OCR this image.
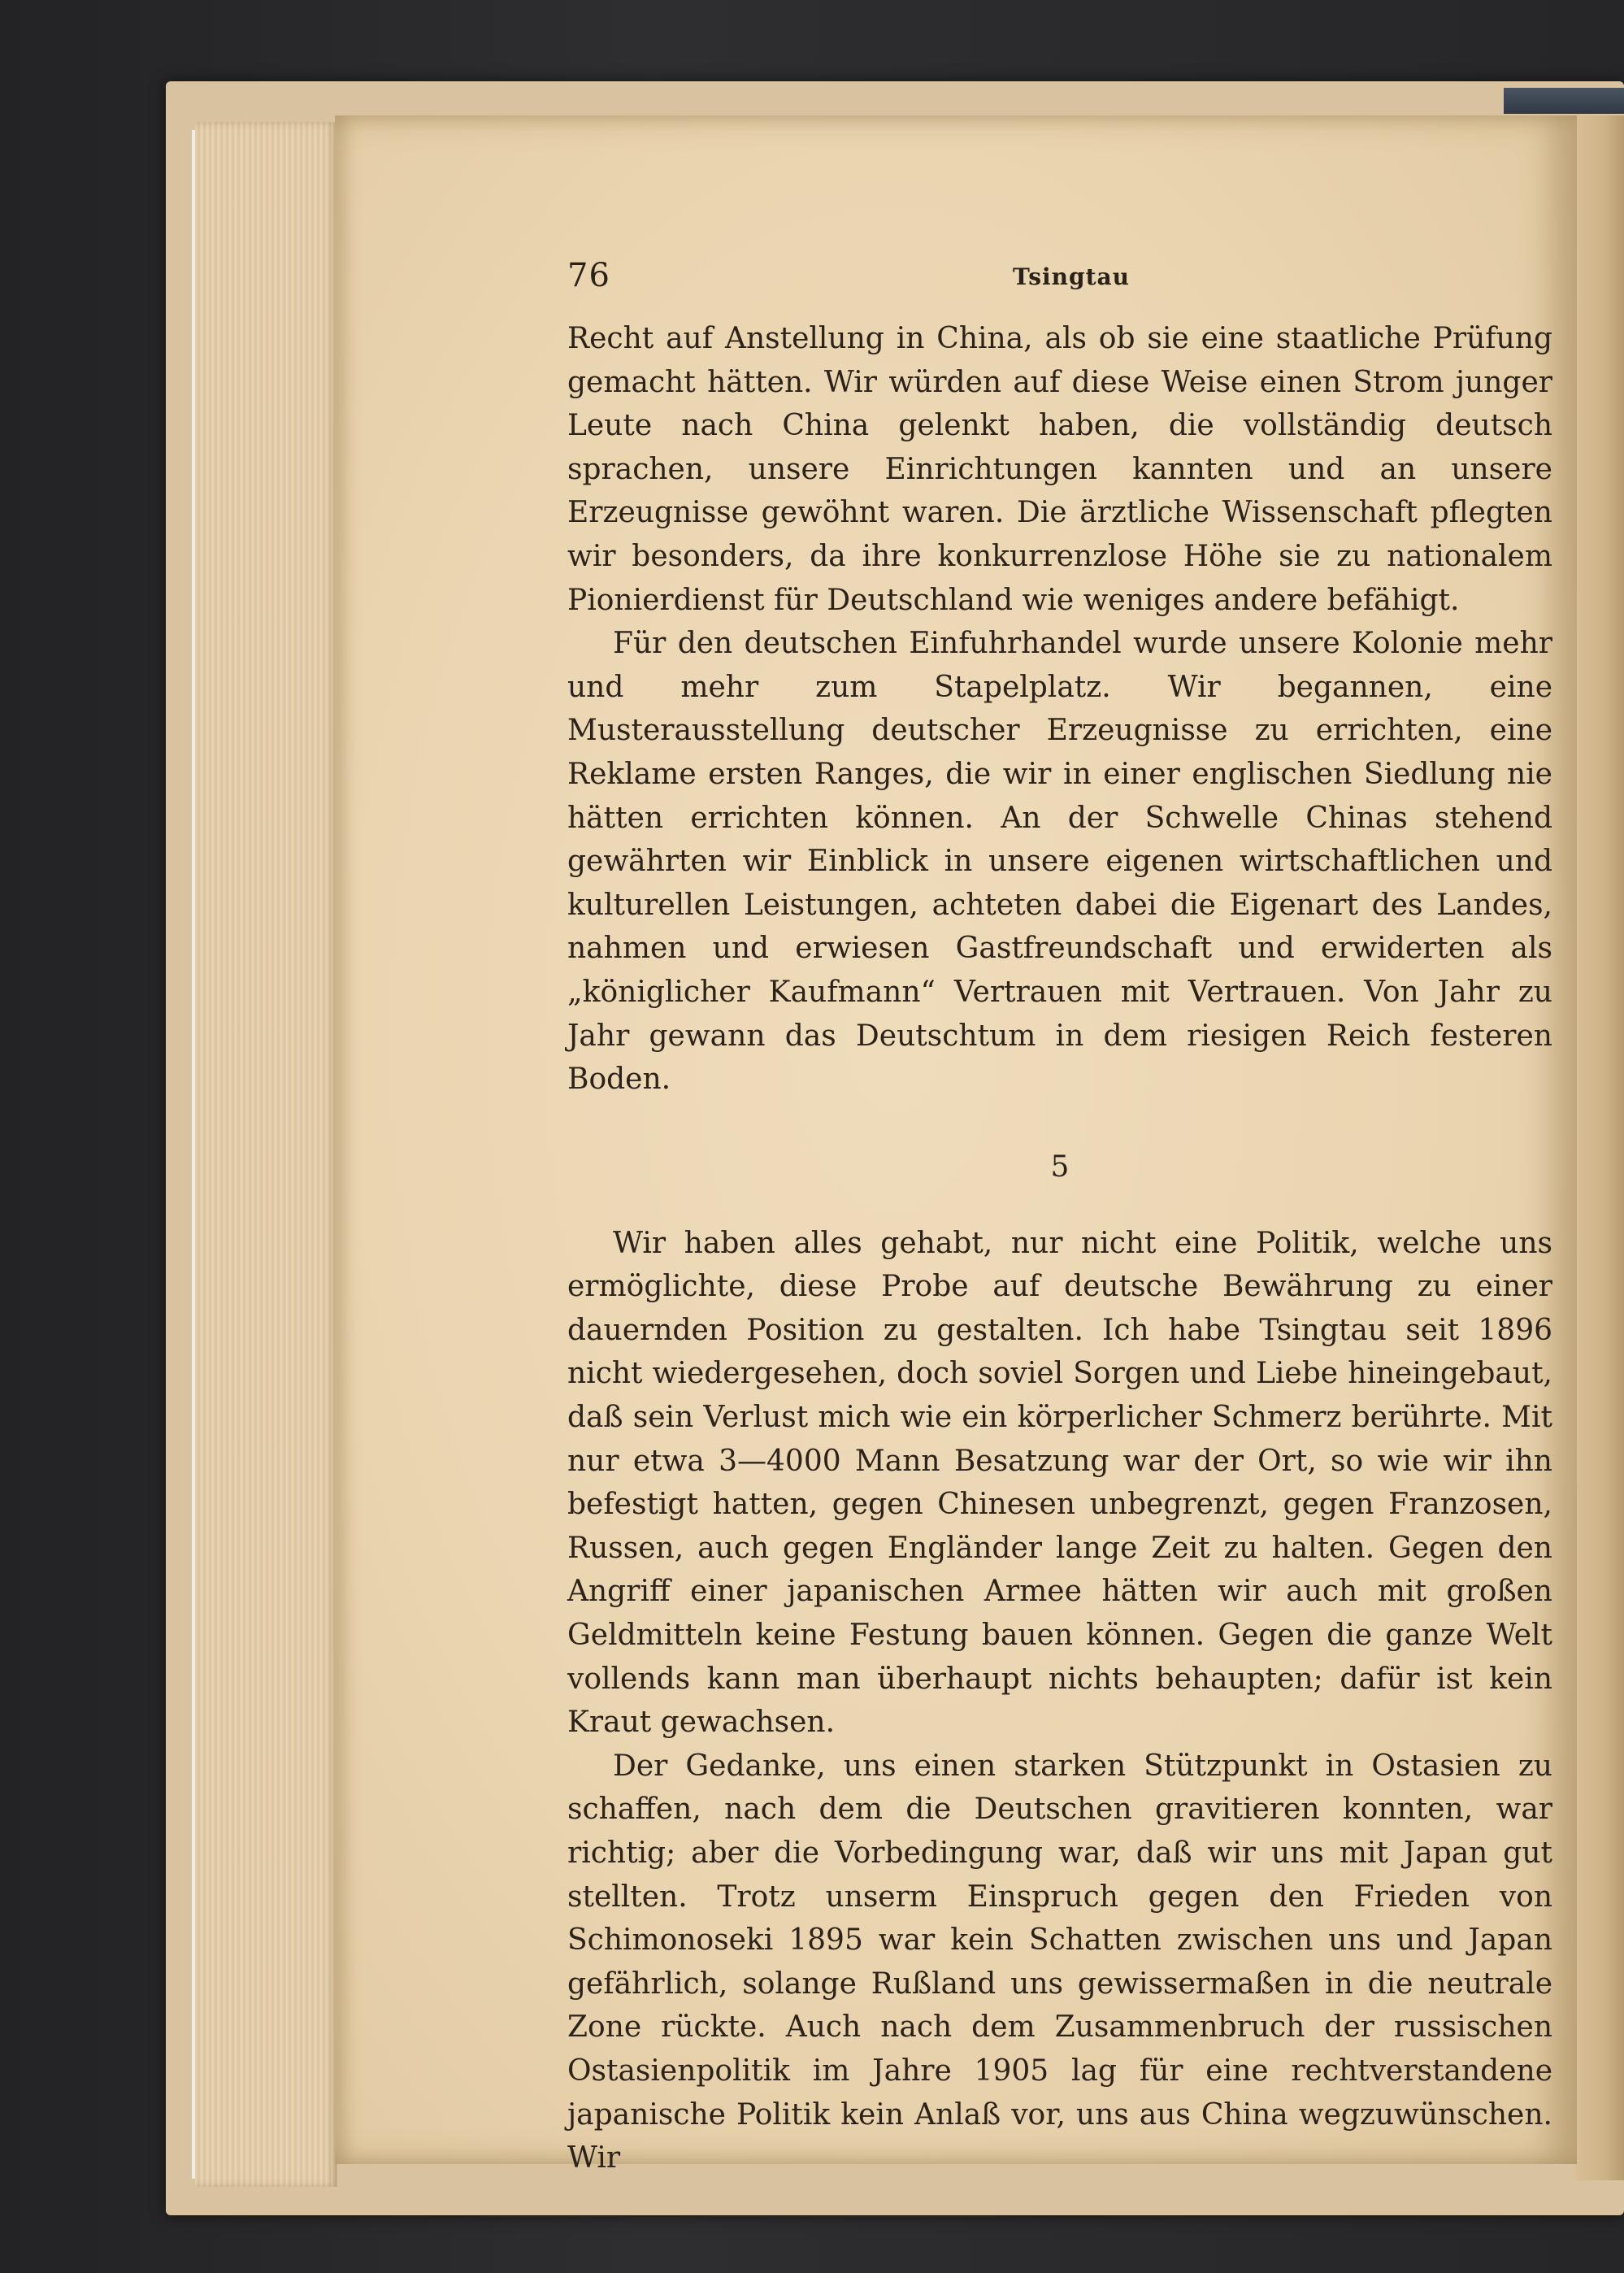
76	Tsingtau

Recht auf Anstellung in China, als ob sie eine staatliche Prüfung gemacht hätten. Wir würden auf diese Weise einen Strom junger Leute nach China gelenkt haben, die vollständig deutsch sprachen, unsere Einrichtungen kannten und an unsere Erzeugnisse gewöhnt waren. Die ärztliche Wissenschaft pflegten wir besonders, da ihre konkurrenzlose Höhe sie zu nationalem Pionierdienst für Deutschland wie weniges andere befähigt.

Für den deutschen Einfuhrhandel wurde unsere Kolonie mehr und mehr zum Stapelplatz. Wir begannen, eine Musterausstellung deutscher Erzeugnisse zu errichten, eine Reklame ersten Ranges, die wir in einer englischen Siedlung nie hätten errichten können. An der Schwelle Chinas stehend gewährten wir Einblick in unsere eigenen wirtschaftlichen und kulturellen Leistungen, achteten dabei die Eigenart des Landes, nahmen und erwiesen Gastfreundschaft und erwiderten als „königlicher Kaufmann“ Vertrauen mit Vertrauen. Von Jahr zu Jahr gewann das Deutschtum in dem riesigen Reich festeren Boden.

5

Wir haben alles gehabt, nur nicht eine Politik, welche uns ermöglichte, diese Probe auf deutsche Bewährung zu einer dauernden Position zu gestalten. Ich habe Tsingtau seit 1896 nicht wiedergesehen, doch soviel Sorgen und Liebe hineingebaut, daß sein Verlust mich wie ein körperlicher Schmerz berührte. Mit nur etwa 3—4000 Mann Besatzung war der Ort, so wie wir ihn befestigt hatten, gegen Chinesen unbegrenzt, gegen Franzosen, Russen, auch gegen Engländer lange Zeit zu halten. Gegen den Angriff einer japanischen Armee hätten wir auch mit großen Geldmitteln keine Festung bauen können. Gegen die ganze Welt vollends kann man überhaupt nichts behaupten; dafür ist kein Kraut gewachsen.

Der Gedanke, uns einen starken Stützpunkt in Ostasien zu schaffen, nach dem die Deutschen gravitieren konnten, war richtig; aber die Vorbedingung war, daß wir uns mit Japan gut stellten. Trotz unserm Einspruch gegen den Frieden von Schimonoseki 1895 war kein Schatten zwischen uns und Japan gefährlich, solange Rußland uns gewissermaßen in die neutrale Zone rückte. Auch nach dem Zusammenbruch der russischen Ostasienpolitik im Jahre 1905 lag für eine rechtverstandene japanische Politik kein Anlaß vor, uns aus China wegzuwünschen. Wir
